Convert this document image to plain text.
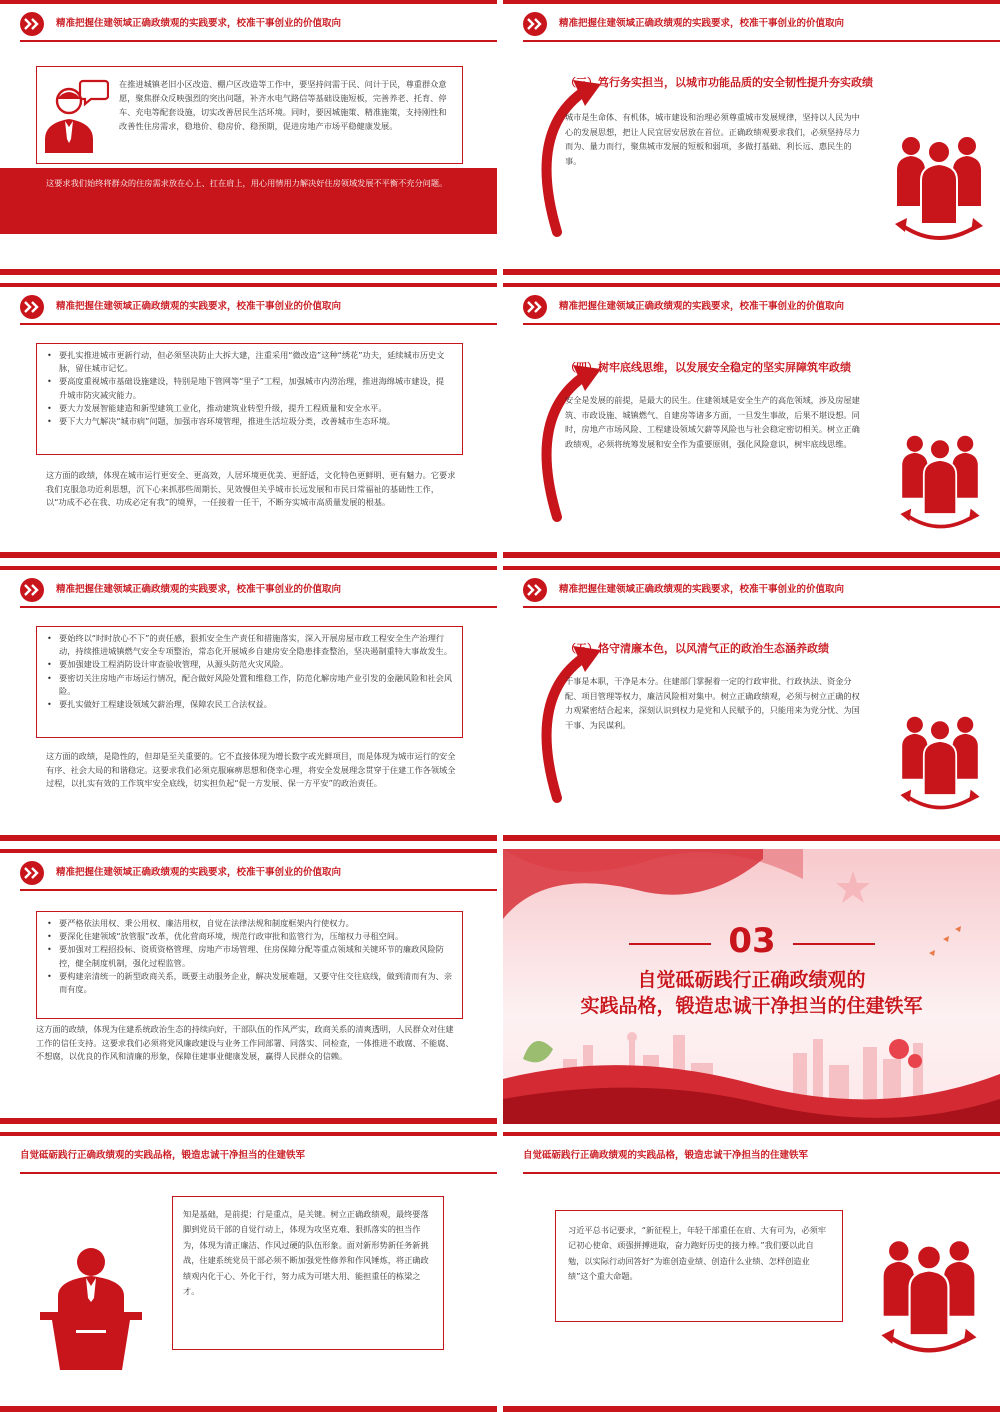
精准把握住建领域正确政绩观的实践要求，校准干事创业的价值取向
在推进城镇老旧小区改造、棚户区改造等工作中，要坚持问需于民、问计于民，尊重群众意愿，聚焦群众反映强烈的突出问题，补齐水电气路信等基础设施短板，完善养老、托育、停车、充电等配套设施，切实改善居民生活环境。同时，要因城施策、精准施策，支持刚性和改善性住房需求，稳地价、稳房价、稳预期，促进房地产市场平稳健康发展。
这要求我们始终将群众的住房需求放在心上、扛在肩上，用心用情用力解决好住房领域发展不平衡不充分问题。
精准把握住建领域正确政绩观的实践要求，校准干事创业的价值取向
（三）笃行务实担当，以城市功能品质的安全韧性提升夯实政绩
城市是生命体、有机体，城市建设和治理必须尊重城市发展规律，坚持以人民为中心的发展思想，把让人民宜居安居放在首位。正确政绩观要求我们，必须坚持尽力而为、量力而行，聚焦城市发展的短板和弱项，多做打基础、利长远、惠民生的事。
精准把握住建领域正确政绩观的实践要求，校准干事创业的价值取向
• 要扎实推进城市更新行动，但必须坚决防止大拆大建，注重采用“微改造”这种“绣花”功夫，延续城市历史文脉，留住城市记忆。
• 要高度重视城市基础设施建设，特别是地下管网等“里子”工程，加强城市内涝治理，推进海绵城市建设，提升城市防灾减灾能力。
• 要大力发展智能建造和新型建筑工业化，推动建筑业转型升级，提升工程质量和安全水平。
• 要下大力气解决“城市病”问题，加强市容环境管理，推进生活垃圾分类，改善城市生态环境。
这方面的政绩，体现在城市运行更安全、更高效，人居环境更优美、更舒适，文化特色更鲜明、更有魅力。它要求我们克服急功近利思想，沉下心来抓那些周期长、见效慢但关乎城市长远发展和市民日常福祉的基础性工作，以“功成不必在我、功成必定有我”的境界，一任接着一任干，不断夯实城市高质量发展的根基。
精准把握住建领域正确政绩观的实践要求，校准干事创业的价值取向
（四）树牢底线思维，以发展安全稳定的坚实屏障筑牢政绩
安全是发展的前提，是最大的民生。住建领域是安全生产的高危领域，涉及房屋建筑、市政设施、城镇燃气、自建房等诸多方面，一旦发生事故，后果不堪设想。同时，房地产市场风险、工程建设领域欠薪等风险也与社会稳定密切相关。树立正确政绩观，必须将统筹发展和安全作为重要原则，强化风险意识，树牢底线思维。
精准把握住建领域正确政绩观的实践要求，校准干事创业的价值取向
• 要始终以“时时放心不下”的责任感，狠抓安全生产责任和措施落实，深入开展房屋市政工程安全生产治理行动，持续推进城镇燃气安全专项整治，常态化开展城乡自建房安全隐患排查整治，坚决遏制重特大事故发生。
• 要加强建设工程消防设计审查验收管理，从源头防范火灾风险。
• 要密切关注房地产市场运行情况，配合做好风险处置和维稳工作，防范化解房地产业引发的金融风险和社会风险。
• 要扎实做好工程建设领域欠薪治理，保障农民工合法权益。
这方面的政绩，是隐性的，但却是至关重要的。它不直接体现为增长数字或光鲜项目，而是体现为城市运行的安全有序、社会大局的和谐稳定。这要求我们必须克服麻痹思想和侥幸心理，将安全发展理念贯穿于住建工作各领域全过程，以扎实有效的工作筑牢安全底线，切实担负起“促一方发展、保一方平安”的政治责任。
精准把握住建领域正确政绩观的实践要求，校准干事创业的价值取向
（五）恪守清廉本色，以风清气正的政治生态涵养政绩
干事是本职，干净是本分。住建部门掌握着一定的行政审批、行政执法、资金分配、项目管理等权力，廉洁风险相对集中。树立正确政绩观，必须与树立正确的权力观紧密结合起来，深刻认识到权力是党和人民赋予的，只能用来为党分忧、为国干事、为民谋利。
精准把握住建领域正确政绩观的实践要求，校准干事创业的价值取向
• 要严格依法用权、秉公用权、廉洁用权，自觉在法律法规和制度框架内行使权力。
• 要深化住建领域“放管服”改革，优化营商环境，规范行政审批和监管行为，压缩权力寻租空间。
• 要加强对工程招投标、资质资格管理、房地产市场管理、住房保障分配等重点领域和关键环节的廉政风险防控，健全制度机制，强化过程监管。
• 要构建亲清统一的新型政商关系，既要主动服务企业，解决发展难题，又要守住交往底线，做到清而有为、亲而有度。
这方面的政绩，体现为住建系统政治生态的持续向好，干部队伍的作风严实，政商关系的清爽透明，人民群众对住建工作的信任支持。这要求我们必须将党风廉政建设与业务工作同部署、同落实、同检查，一体推进不敢腐、不能腐、不想腐，以优良的作风和清廉的形象，保障住建事业健康发展，赢得人民群众的信赖。
03
自觉砥砺践行正确政绩观的
实践品格，锻造忠诚干净担当的住建铁军
自觉砥砺践行正确政绩观的实践品格，锻造忠诚干净担当的住建铁军
知是基础，是前提；行是重点，是关键。树立正确政绩观，最终要落脚到党员干部的自觉行动上，体现为攻坚克难、狠抓落实的担当作为，体现为清正廉洁、作风过硬的队伍形象。面对新形势新任务新挑战，住建系统党员干部必须不断加强党性修养和作风锤炼，将正确政绩观内化于心、外化于行，努力成为可堪大用、能担重任的栋梁之才。
自觉砥砺践行正确政绩观的实践品格，锻造忠诚干净担当的住建铁军
习近平总书记要求，“新征程上，年轻干部重任在肩、大有可为，必须牢记初心使命、顽强拼搏进取，奋力跑好历史的接力棒。”我们要以此自勉，以实际行动回答好“为谁创造业绩、创造什么业绩、怎样创造业绩”这个重大命题。
